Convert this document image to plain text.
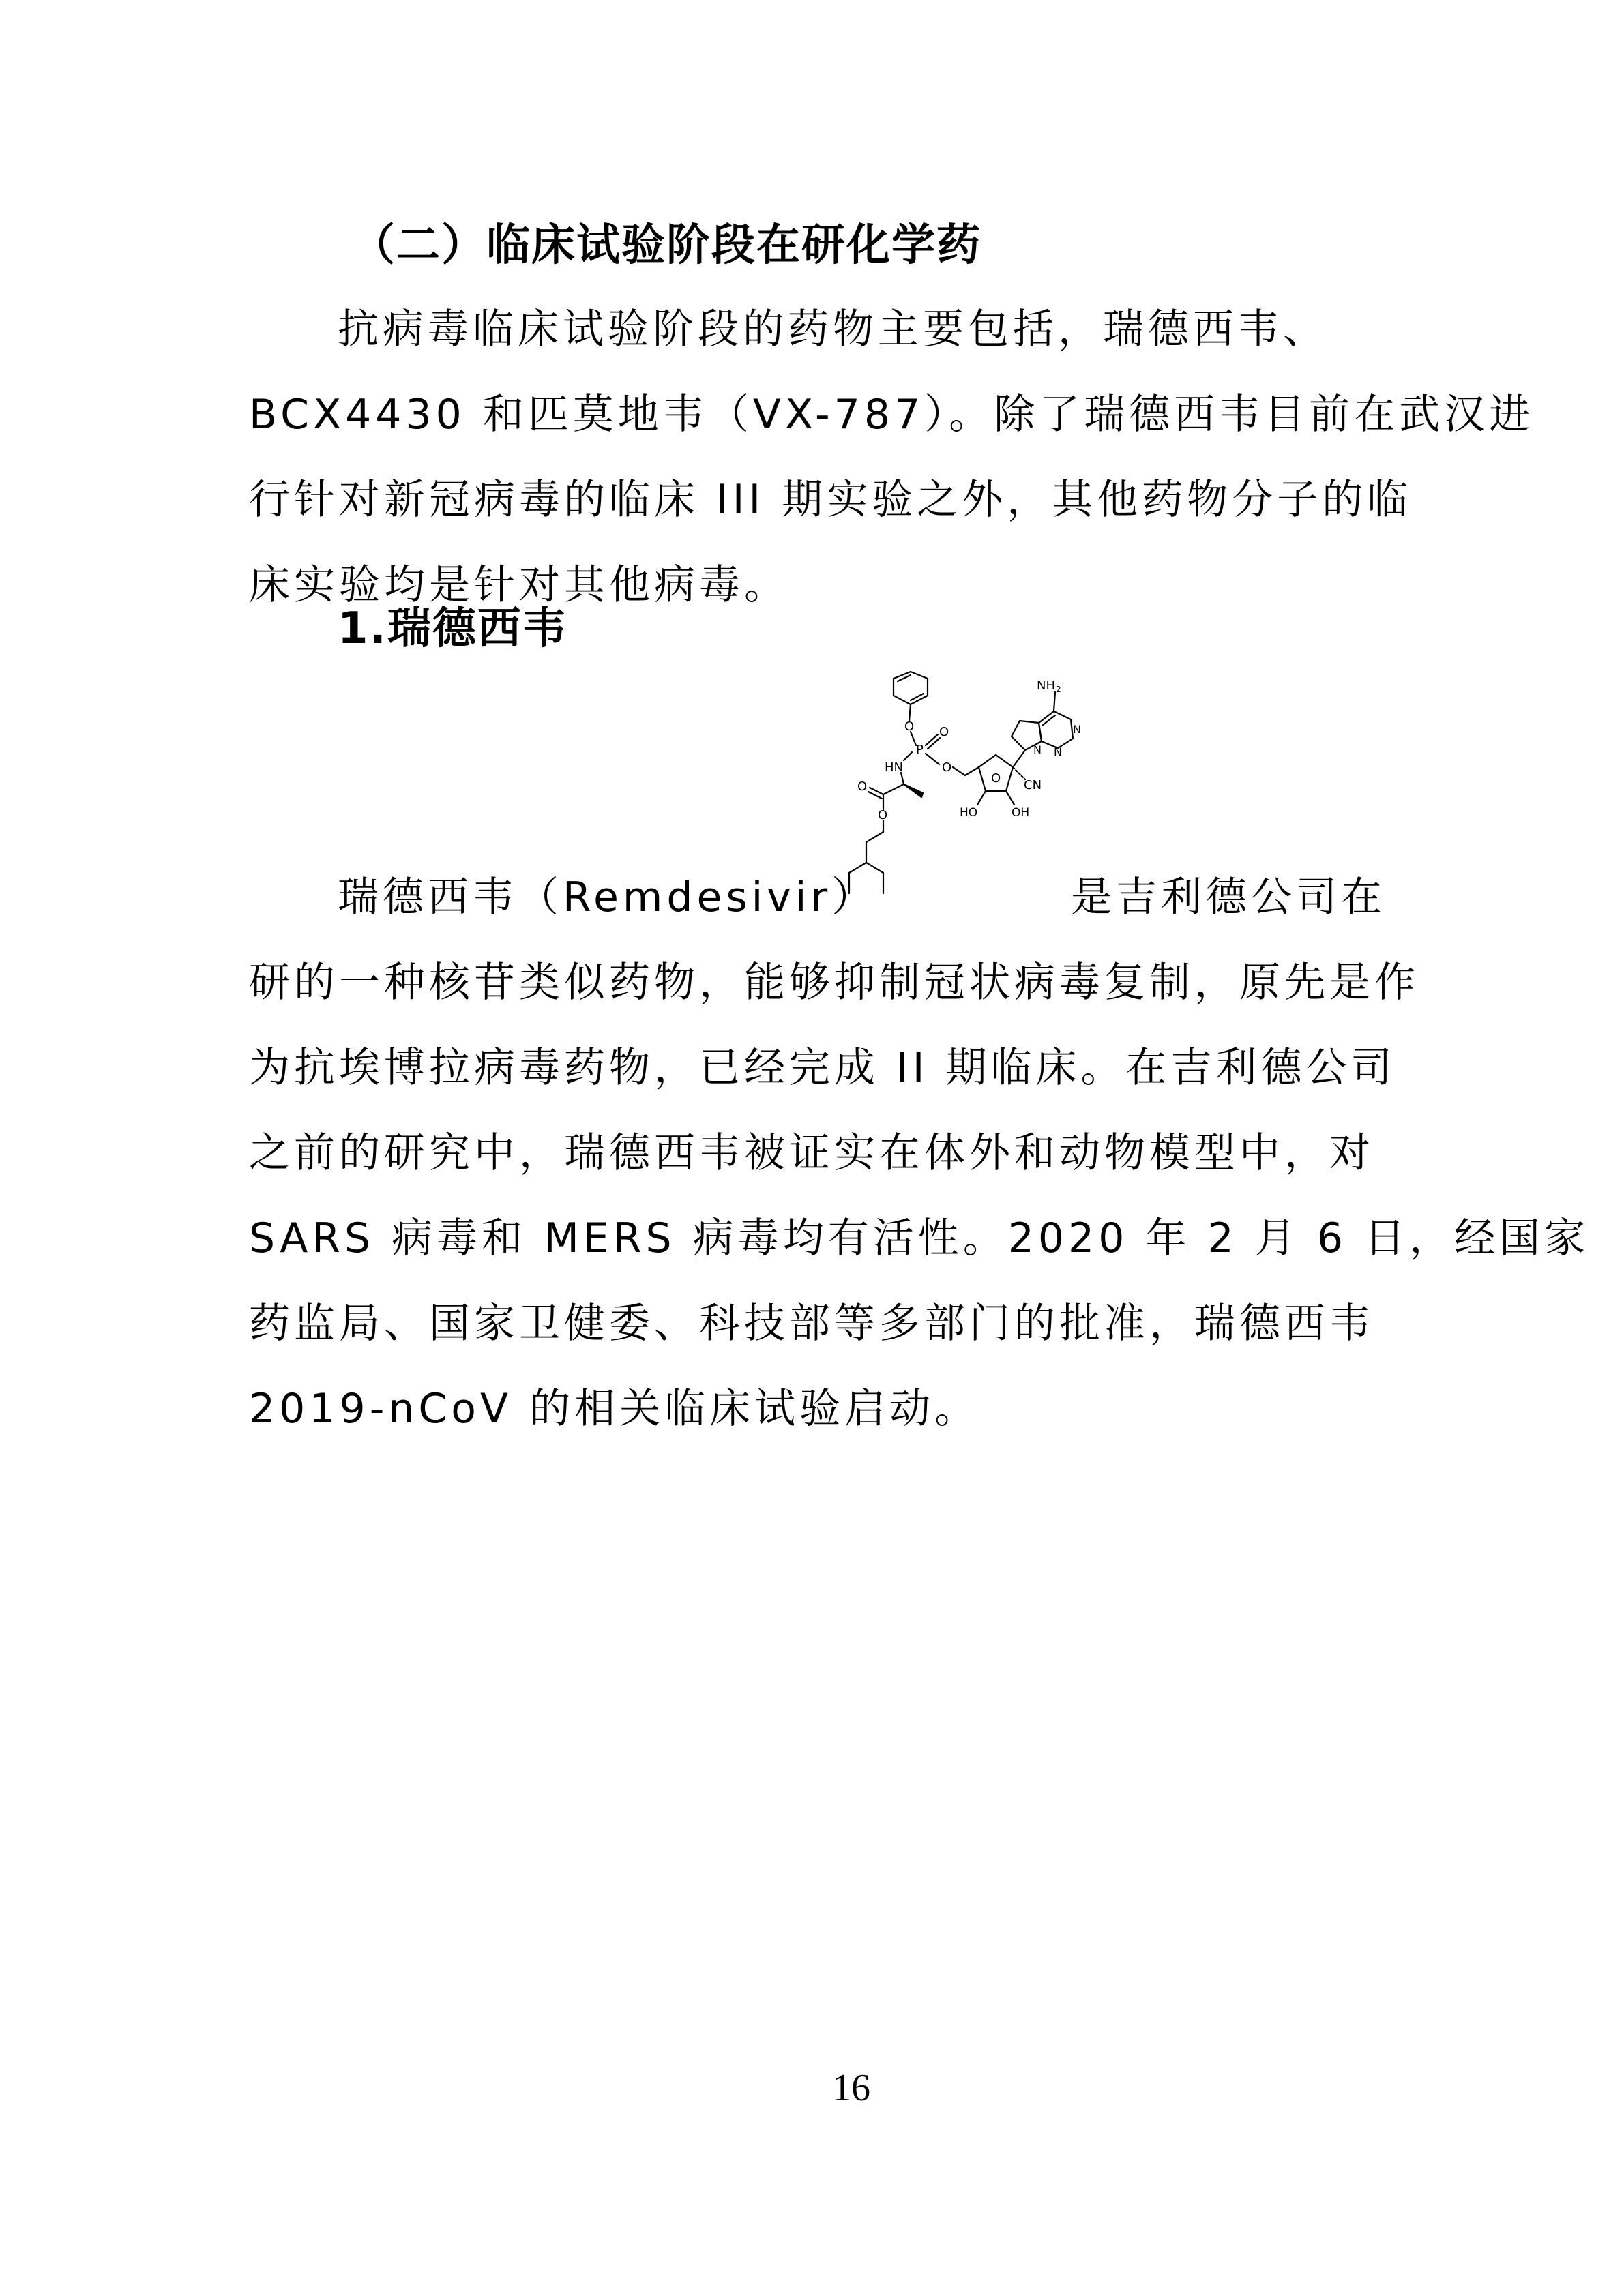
（二）临床试验阶段在研化学药
抗病毒临床试验阶段的药物主要包括，瑞德西韦、
BCX4430 和匹莫地韦（VX-787）。除了瑞德西韦目前在武汉进
行针对新冠病毒的临床 III 期实验之外，其他药物分子的临
床实验均是针对其他病毒。
1.瑞德西韦
NH 2
O
P
O
HN	O
O
O
O
CN
N N
N
HO	OH
瑞德西韦（Remdesivir）	是吉利德公司在
研的一种核苷类似药物，能够抑制冠状病毒复制，原先是作
为抗埃博拉病毒药物，已经完成 II 期临床。在吉利德公司
之前的研究中，瑞德西韦被证实在体外和动物模型中，对
SARS 病毒和 MERS 病毒均有活性。2020 年 2 月 6 日，经国家
药监局、国家卫健委、科技部等多部门的批准，瑞德西韦
2019-nCoV 的相关临床试验启动。
16
